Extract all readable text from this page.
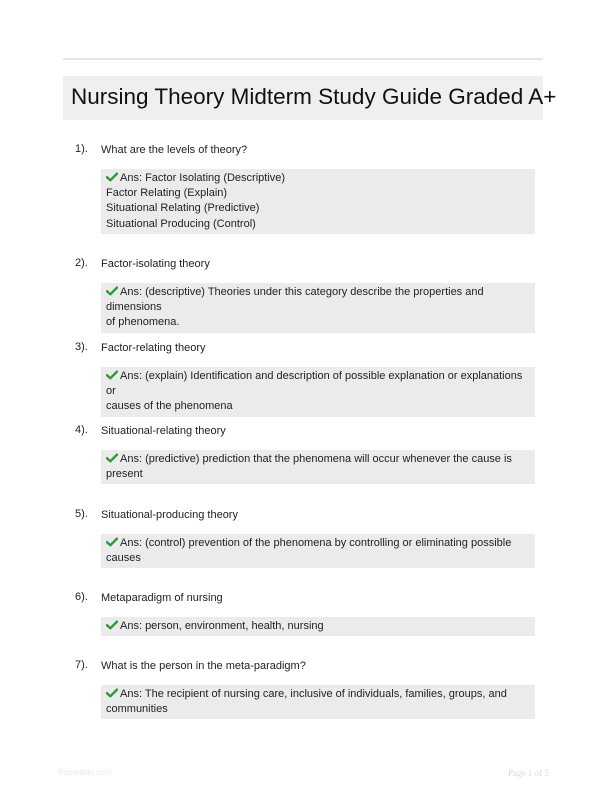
Nursing Theory Midterm Study Guide Graded A+
1). What are the levels of theory?
Ans: Factor Isolating (Descriptive)
Factor Relating (Explain)
Situational Relating (Predictive)
Situational Producing (Control)
2). Factor-isolating theory
Ans: (descriptive) Theories under this category describe the properties and dimensions
of phenomena.
3). Factor-relating theory
Ans: (explain) Identification and description of possible explanation or explanations or
causes of the phenomena
4). Situational-relating theory
Ans: (predictive) prediction that the phenomena will occur whenever the cause is
present
5). Situational-producing theory
Ans: (control) prevention of the phenomena by controlling or eliminating possible
causes
6). Metaparadigm of nursing
Ans: person, environment, health, nursing
7). What is the person in the meta-paradigm?
Ans: The recipient of nursing care, inclusive of individuals, families, groups, and
communities
Paperlibfe.com	Page 1 of 5
